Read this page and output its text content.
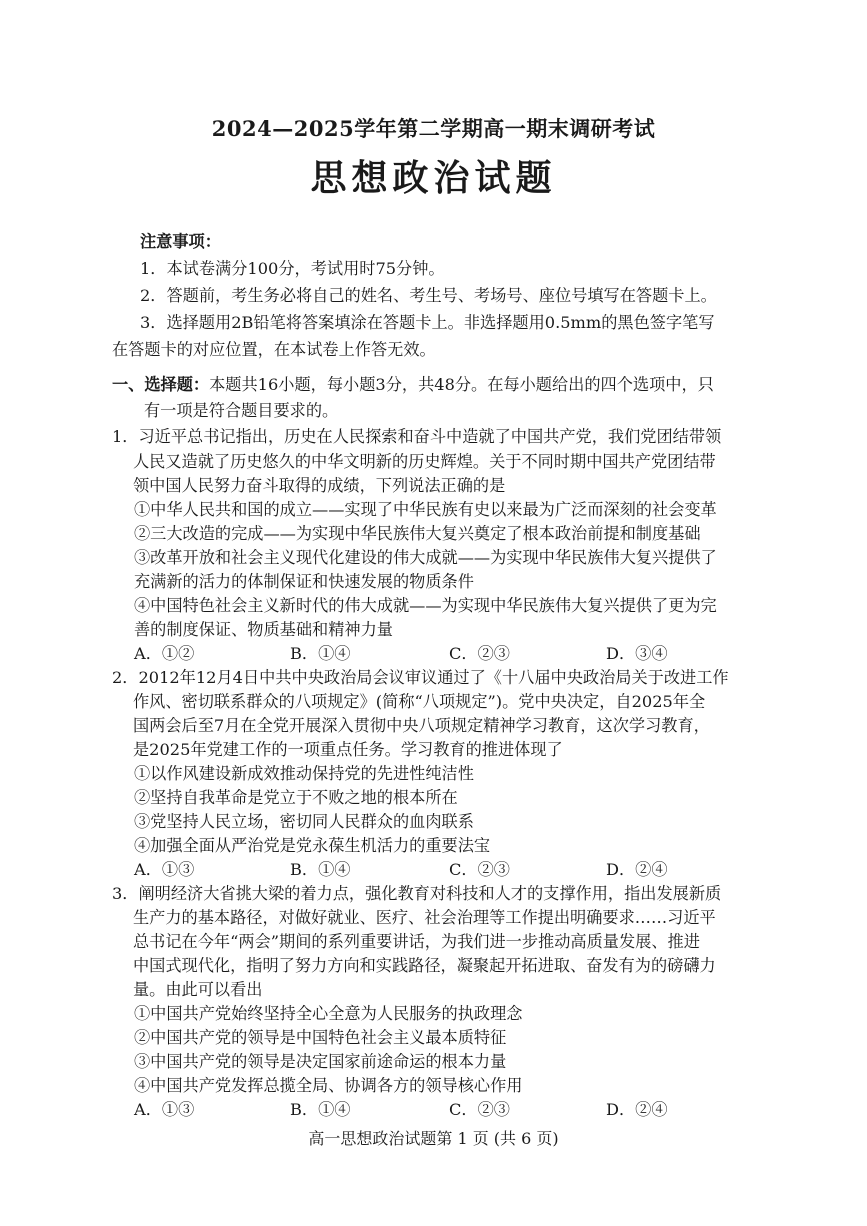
2024—2025学年第二学期高一期末调研考试
思想政治试题
注意事项：
1．本试卷满分100分，考试用时75分钟。
2．答题前，考生务必将自己的姓名、考生号、考场号、座位号填写在答题卡上。
3．选择题用2B铅笔将答案填涂在答题卡上。非选择题用0.5mm的黑色签字笔写
在答题卡的对应位置，在本试卷上作答无效。
一、选择题：本题共16小题，每小题3分，共48分。在每小题给出的四个选项中，只
有一项是符合题目要求的。
1．习近平总书记指出，历史在人民探索和奋斗中造就了中国共产党，我们党团结带领
人民又造就了历史悠久的中华文明新的历史辉煌。关于不同时期中国共产党团结带
领中国人民努力奋斗取得的成绩，下列说法正确的是
①中华人民共和国的成立——实现了中华民族有史以来最为广泛而深刻的社会变革
②三大改造的完成——为实现中华民族伟大复兴奠定了根本政治前提和制度基础
③改革开放和社会主义现代化建设的伟大成就——为实现中华民族伟大复兴提供了
充满新的活力的体制保证和快速发展的物质条件
④中国特色社会主义新时代的伟大成就——为实现中华民族伟大复兴提供了更为完
善的制度保证、物质基础和精神力量
A．①②	B．①④	C．②③	D．③④
2．2012年12月4日中共中央政治局会议审议通过了《十八届中央政治局关于改进工作
作风、密切联系群众的八项规定》(简称“八项规定”)。党中央决定，自2025年全
国两会后至7月在全党开展深入贯彻中央八项规定精神学习教育，这次学习教育，
是2025年党建工作的一项重点任务。学习教育的推进体现了
①以作风建设新成效推动保持党的先进性纯洁性
②坚持自我革命是党立于不败之地的根本所在
③党坚持人民立场，密切同人民群众的血肉联系
④加强全面从严治党是党永葆生机活力的重要法宝
A．①③	B．①④	C．②③	D．②④
3．阐明经济大省挑大梁的着力点，强化教育对科技和人才的支撑作用，指出发展新质
生产力的基本路径，对做好就业、医疗、社会治理等工作提出明确要求……习近平
总书记在今年“两会”期间的系列重要讲话，为我们进一步推动高质量发展、推进
中国式现代化，指明了努力方向和实践路径，凝聚起开拓进取、奋发有为的磅礴力
量。由此可以看出
①中国共产党始终坚持全心全意为人民服务的执政理念
②中国共产党的领导是中国特色社会主义最本质特征
③中国共产党的领导是决定国家前途命运的根本力量
④中国共产党发挥总揽全局、协调各方的领导核心作用
A．①③	B．①④	C．②③	D．②④
高一思想政治试题第 1 页 (共 6 页)
